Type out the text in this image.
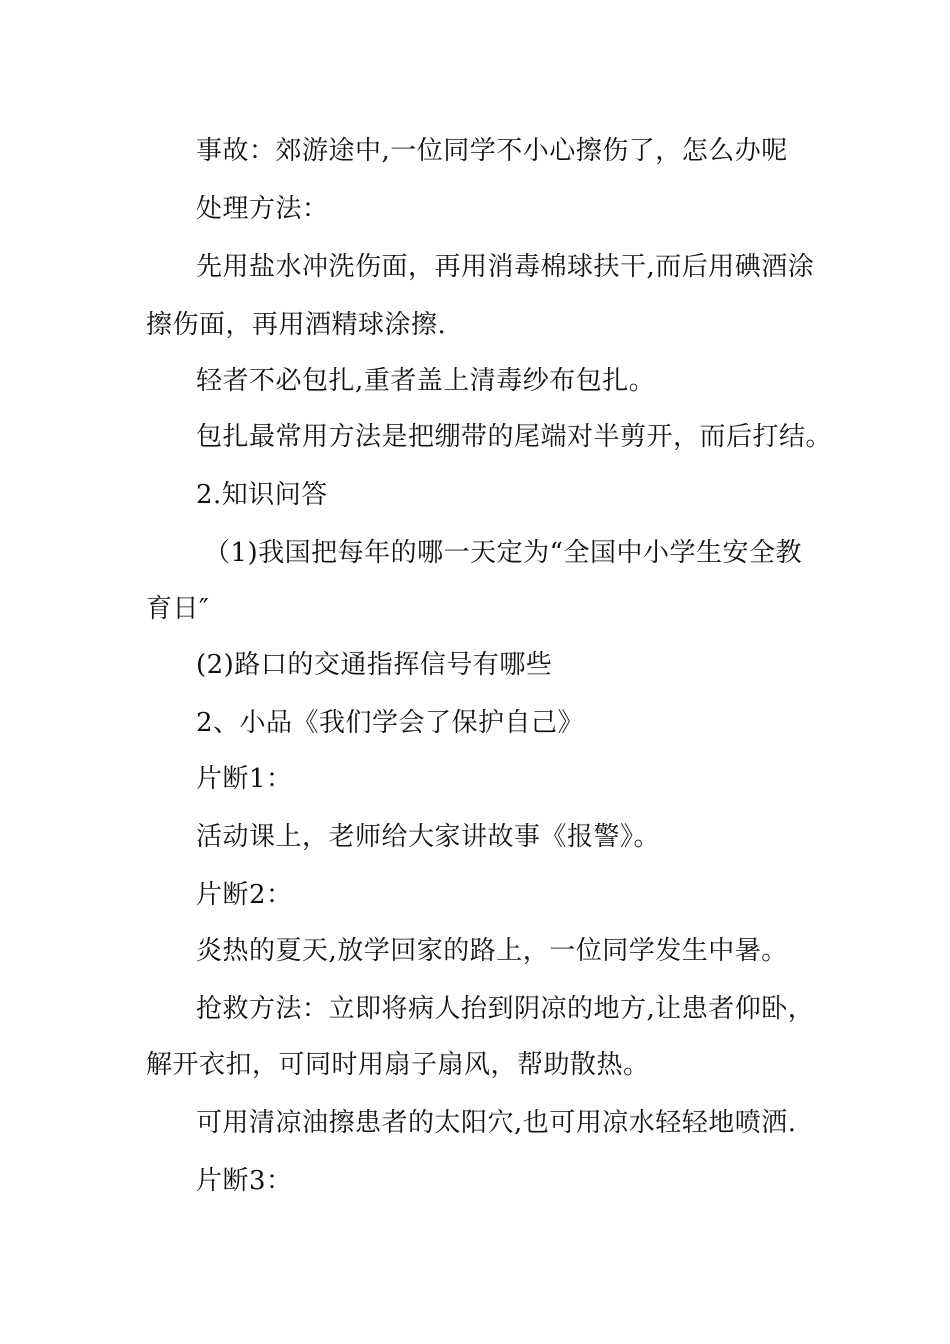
事故：郊游途中,一位同学不小心擦伤了，怎么办呢
处理方法：
先用盐水冲洗伤面，再用消毒棉球扶干,而后用碘酒涂
擦伤面，再用酒精球涂擦.
轻者不必包扎,重者盖上清毒纱布包扎。
包扎最常用方法是把绷带的尾端对半剪开，而后打结。
2.知识问答
（1)我国把每年的哪一天定为“全国中小学生安全教
育日″
(2)路口的交通指挥信号有哪些
2、小品《我们学会了保护自己》
片断1：
活动课上，老师给大家讲故事《报警》。
片断2：
炎热的夏天,放学回家的路上，一位同学发生中暑。
抢救方法：立即将病人抬到阴凉的地方,让患者仰卧，
解开衣扣，可同时用扇子扇风，帮助散热。
可用清凉油擦患者的太阳穴,也可用凉水轻轻地喷洒.
片断3：
